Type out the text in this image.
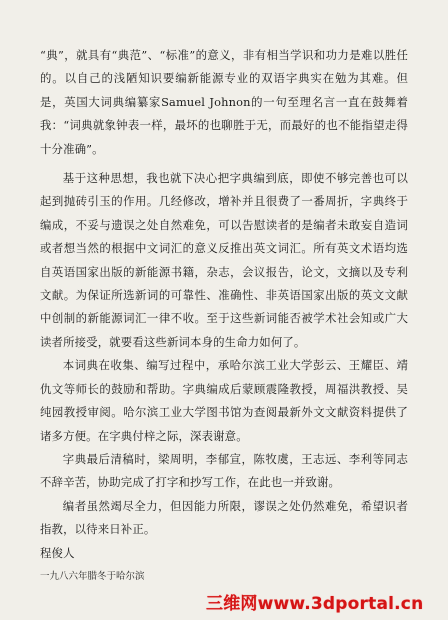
“典”，就具有“典范”、“标准”的意义，非有相当学识和功力是难以胜任的。以自己的浅陋知识要编新能源专业的双语字典实在勉为其难。但是，英国大词典编纂家Samuel Johnon的一句至理名言一直在鼓舞着我：“词典就象钟表一样，最坏的也聊胜于无，而最好的也不能指望走得十分准确”。

基于这种思想，我也就下决心把字典编到底，即使不够完善也可以起到抛砖引玉的作用。几经修改，增补并且很费了一番周折，字典终于编成，不妥与遗误之处自然难免，可以告慰读者的是编者未敢妄自造词或者想当然的根据中文词汇的意义反推出英文词汇。所有英文术语均选自英语国家出版的新能源书籍，杂志，会议报告，论文，文摘以及专利文献。为保证所选新词的可靠性、准确性、非英语国家出版的英文文献中创制的新能源词汇一律不收。至于这些新词能否被学术社会知或广大读者所接受，就要看这些新词本身的生命力如何了。

本词典在收集、编写过程中，承哈尔滨工业大学彭云、王耀臣、靖仇文等师长的鼓励和帮助。字典编成后蒙顾震隆教授，周福洪教授、吴纯园教授审阅。哈尔滨工业大学图书馆为查阅最新外文文献资料提供了诸多方便。在字典付梓之际，深表谢意。

字典最后清稿时，梁周明，李郁宣，陈牧虞，王志远、李利等同志不辞辛苦，协助完成了打字和抄写工作，在此也一并致谢。

编者虽然竭尽全力，但因能力所限，谬误之处仍然难免，希望识者指教，以待来日补正。

程俊人

一九八六年腊冬于哈尔滨

三维网www.3dportal.cn
